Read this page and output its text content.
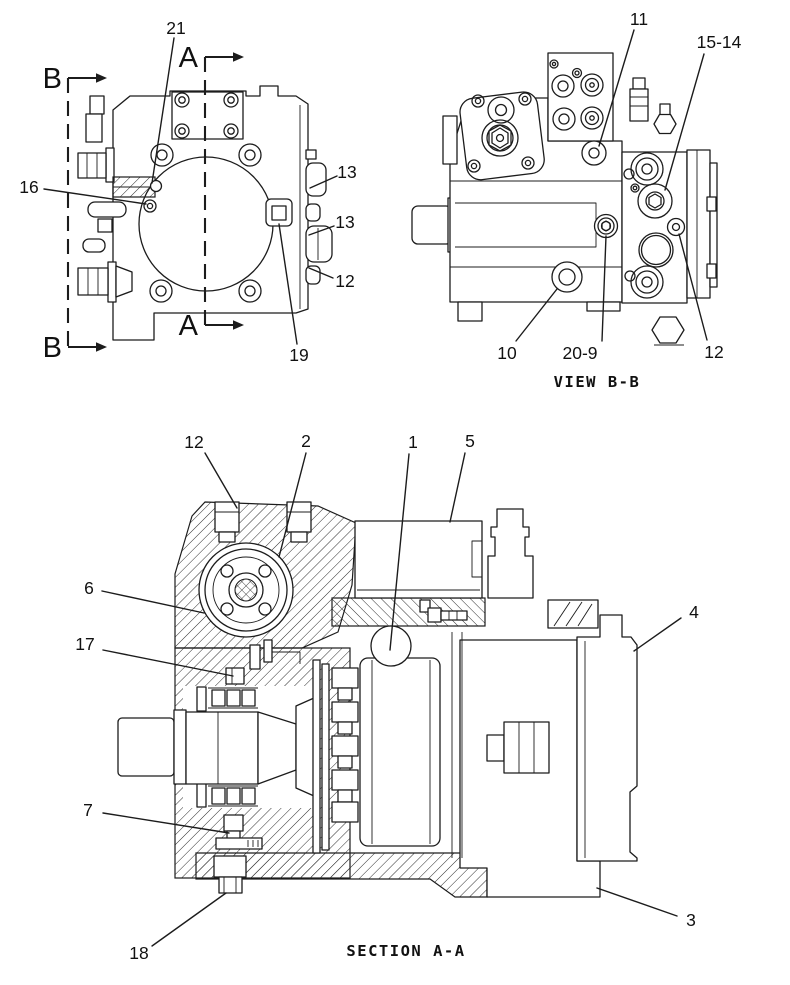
A
A
B
B
21
16
13
13
12
19
11
15-14
10	20-9	12
VIEW B-B
12	2	1	5
6
17
4
7
3
18	SECTION A-A
